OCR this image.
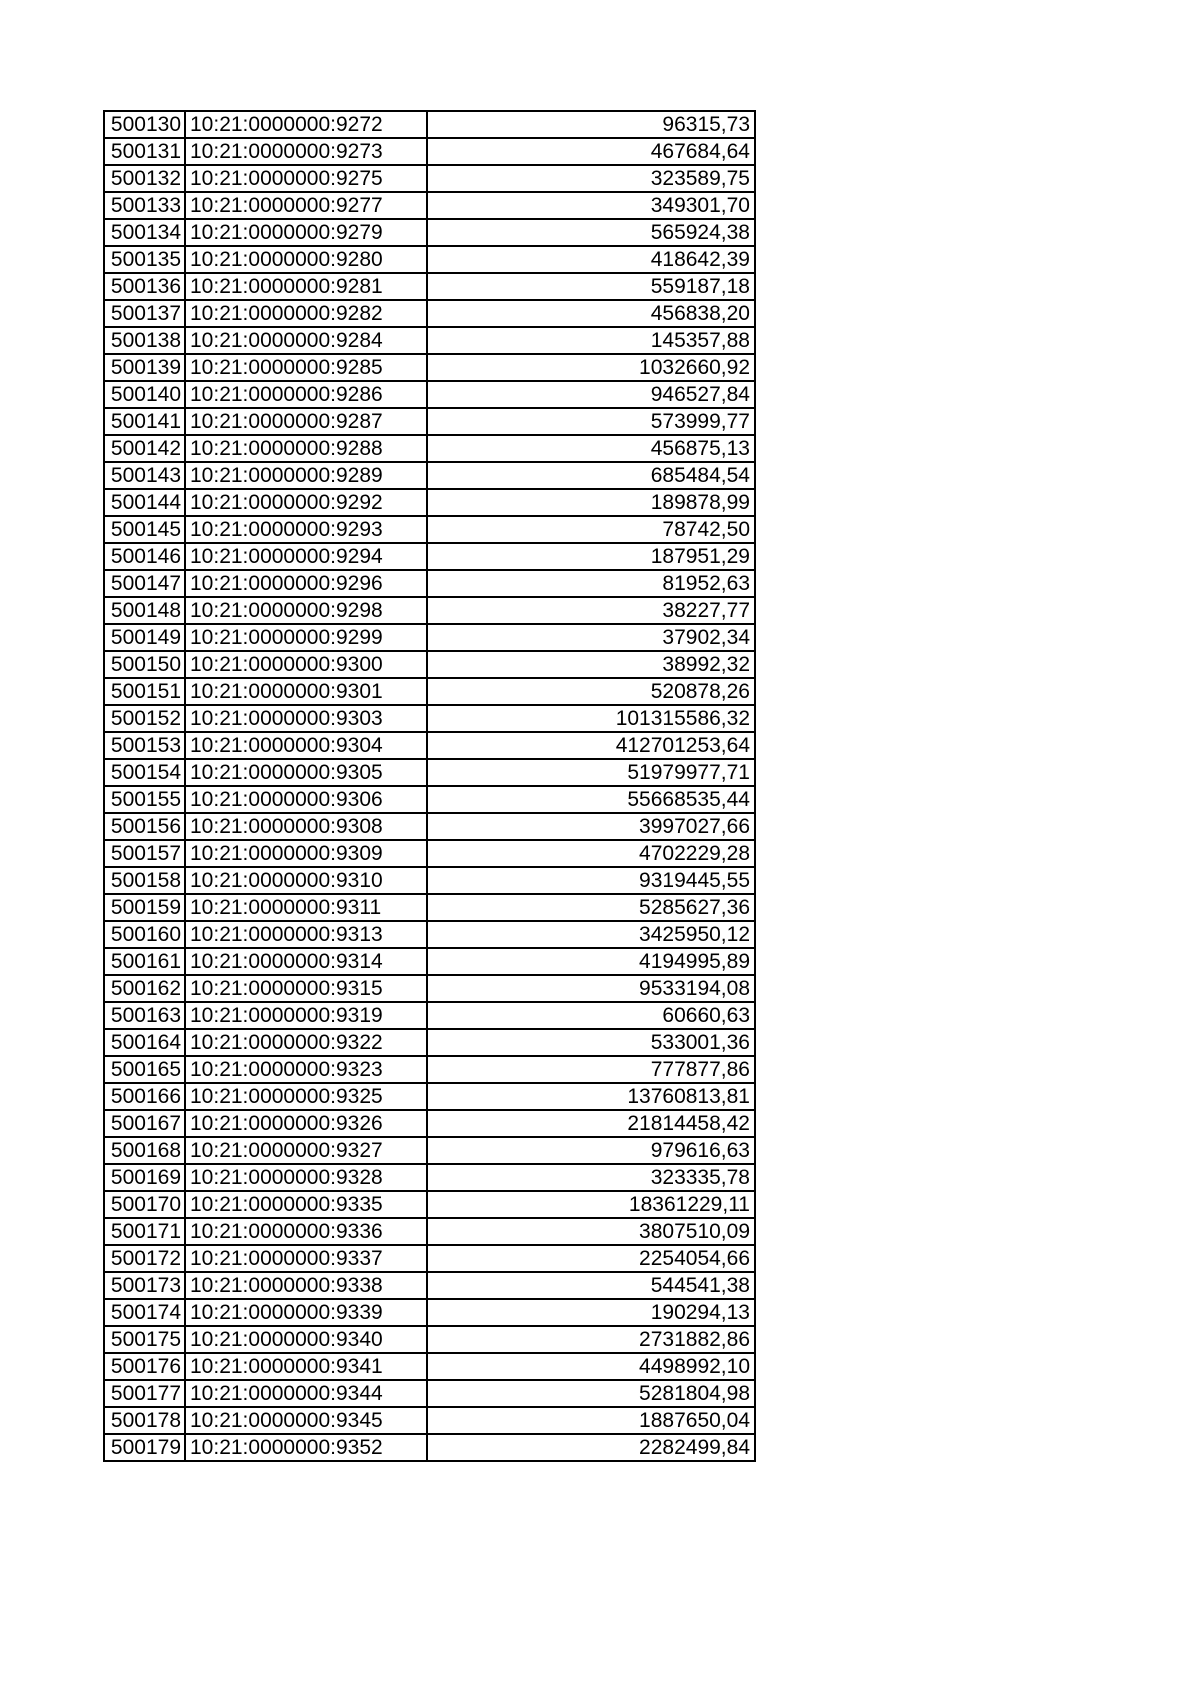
500130	10:21:0000000:9272	96315,73
500131	10:21:0000000:9273	467684,64
500132	10:21:0000000:9275	323589,75
500133	10:21:0000000:9277	349301,70
500134	10:21:0000000:9279	565924,38
500135	10:21:0000000:9280	418642,39
500136	10:21:0000000:9281	559187,18
500137	10:21:0000000:9282	456838,20
500138	10:21:0000000:9284	145357,88
500139	10:21:0000000:9285	1032660,92
500140	10:21:0000000:9286	946527,84
500141	10:21:0000000:9287	573999,77
500142	10:21:0000000:9288	456875,13
500143	10:21:0000000:9289	685484,54
500144	10:21:0000000:9292	189878,99
500145	10:21:0000000:9293	78742,50
500146	10:21:0000000:9294	187951,29
500147	10:21:0000000:9296	81952,63
500148	10:21:0000000:9298	38227,77
500149	10:21:0000000:9299	37902,34
500150	10:21:0000000:9300	38992,32
500151	10:21:0000000:9301	520878,26
500152	10:21:0000000:9303	101315586,32
500153	10:21:0000000:9304	412701253,64
500154	10:21:0000000:9305	51979977,71
500155	10:21:0000000:9306	55668535,44
500156	10:21:0000000:9308	3997027,66
500157	10:21:0000000:9309	4702229,28
500158	10:21:0000000:9310	9319445,55
500159	10:21:0000000:9311	5285627,36
500160	10:21:0000000:9313	3425950,12
500161	10:21:0000000:9314	4194995,89
500162	10:21:0000000:9315	9533194,08
500163	10:21:0000000:9319	60660,63
500164	10:21:0000000:9322	533001,36
500165	10:21:0000000:9323	777877,86
500166	10:21:0000000:9325	13760813,81
500167	10:21:0000000:9326	21814458,42
500168	10:21:0000000:9327	979616,63
500169	10:21:0000000:9328	323335,78
500170	10:21:0000000:9335	18361229,11
500171	10:21:0000000:9336	3807510,09
500172	10:21:0000000:9337	2254054,66
500173	10:21:0000000:9338	544541,38
500174	10:21:0000000:9339	190294,13
500175	10:21:0000000:9340	2731882,86
500176	10:21:0000000:9341	4498992,10
500177	10:21:0000000:9344	5281804,98
500178	10:21:0000000:9345	1887650,04
500179	10:21:0000000:9352	2282499,84
